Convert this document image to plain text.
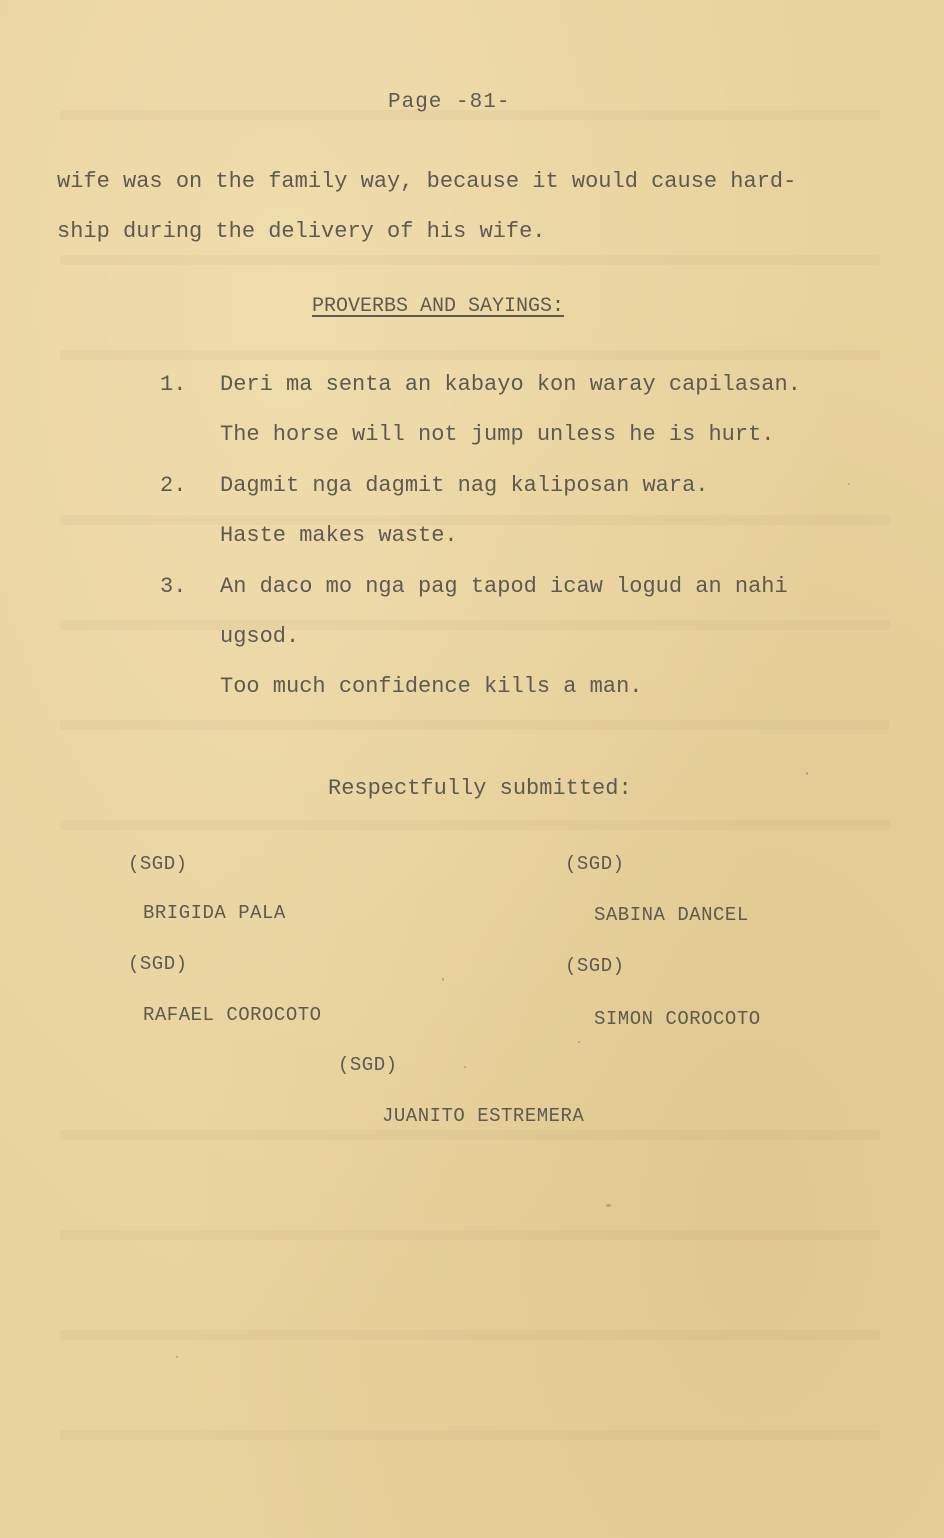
Page -81-
wife was on the family way, because it would cause hard-
ship during the delivery of his wife.
PROVERBS AND SAYINGS:
1. Deri ma senta an kabayo kon waray capilasan.
The horse will not jump unless he is hurt.
2. Dagmit nga dagmit nag kaliposan wara.
Haste makes waste.
3. An daco mo nga pag tapod icaw logud an nahi
ugsod.
Too much confidence kills a man.
Respectfully submitted:
(SGD)	(SGD)
BRIGIDA PALA	SABINA DANCEL
(SGD)	(SGD)
RAFAEL COROCOTO	SIMON COROCOTO
(SGD)
JUANITO ESTREMERA
